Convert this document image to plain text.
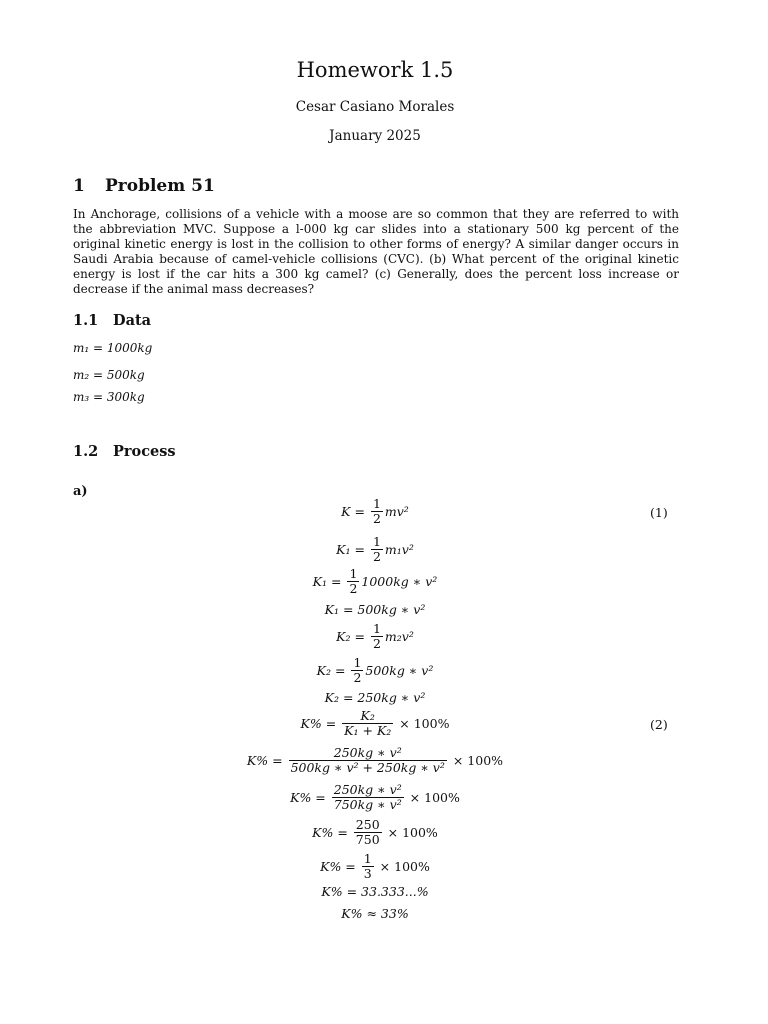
Homework 1.5
Cesar Casiano Morales
January 2025
1 Problem 51
In Anchorage, collisions of a vehicle with a moose are so common that they are referred to with the abbreviation MVC. Suppose a l-000 kg car slides into a stationary 500 kg percent of the original kinetic energy is lost in the collision to other forms of energy? A similar danger occurs in Saudi Arabia because of camel-vehicle collisions (CVC). (b) What percent of the original kinetic energy is lost if the car hits a 300 kg camel? (c) Generally, does the percent loss increase or decrease if the animal mass decreases?
1.1 Data
m₁ = 1000kg
m₂ = 500kg
m₃ = 300kg
1.2 Process
a)
$K = \frac{1}{2} mv^2$	(1)
$K_1 = \frac{1}{2} m_1v^2$
$K_1 = \frac{1}{2} 1000kg$ ∗ v²
K₁ = 500kg ∗ v²
$K_2 = \frac{1}{2} m_2v^2$
$K_2 = \frac{1}{2} 500kg$ ∗ v²
K₂ = 250kg ∗ v²
$K\% = \frac{\text{K₂}}{\text{K₁ + K₂}} \times 100\%$	(2)
$K\% = \frac{\text{250kg ∗ v²}}{\text{500kg ∗ v² + 250kg ∗ v²}} \times 100\%$
$K\% = \frac{\text{250kg ∗ v²}}{\text{750kg ∗ v²}} \times 100\%$
$K\% = \frac{250}{750} \times 100\%$
$K\% = \frac{1}{3} \times 100\%$
K% = 33.333...%
K% ≈ 33%
